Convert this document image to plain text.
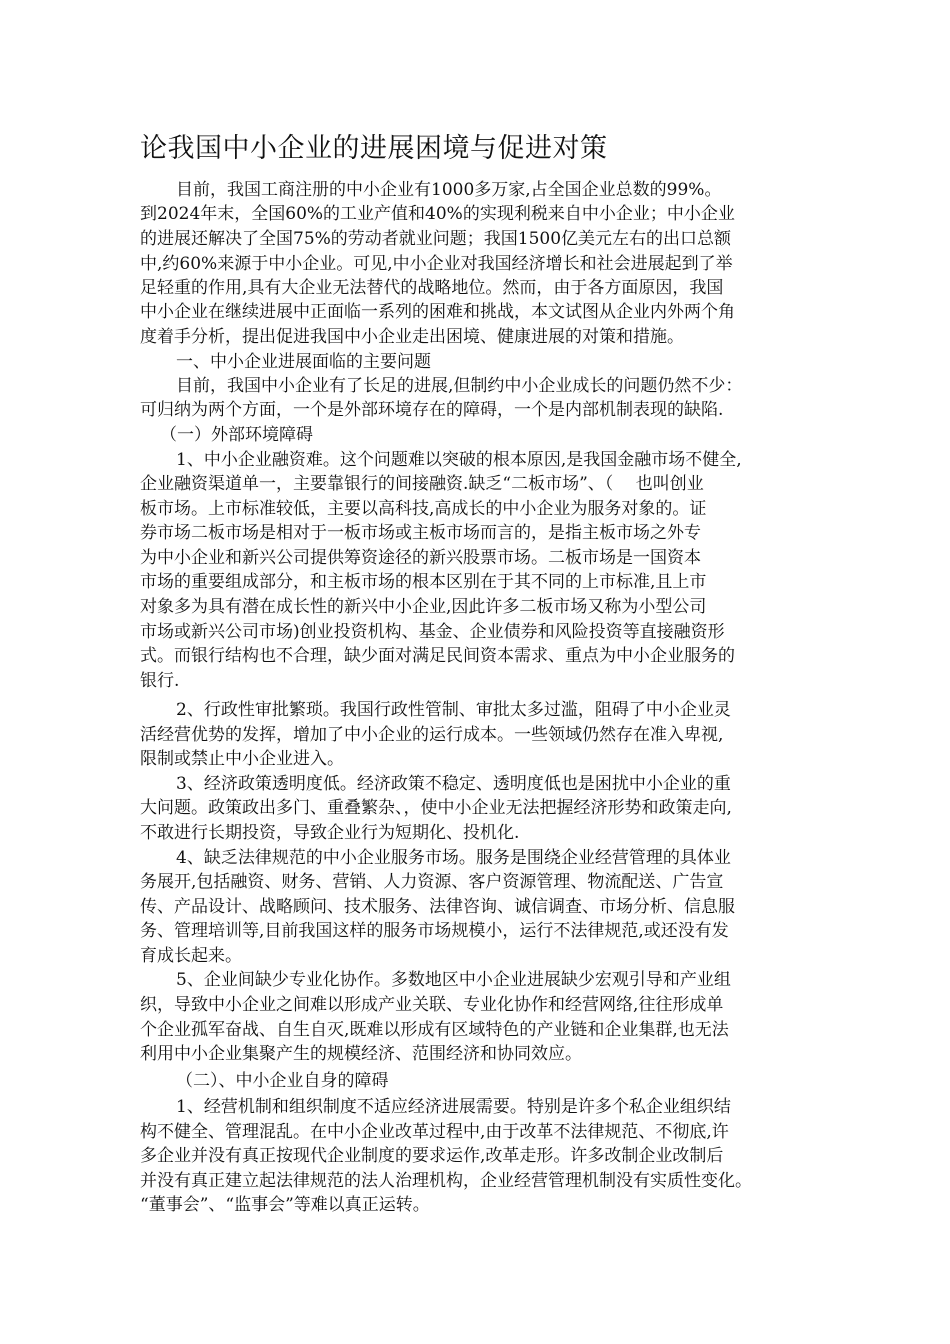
论我国中小企业的进展困境与促进对策

目前，我国工商注册的中小企业有1000多万家,占全国企业总数的99%。

到2024年末，全国60%的工业产值和40%的实现利税来自中小企业；中小企业

的进展还解决了全国75%的劳动者就业问题；我国1500亿美元左右的出口总额

中,约60%来源于中小企业。可见,中小企业对我国经济增长和社会进展起到了举

足轻重的作用,具有大企业无法替代的战略地位。然而，由于各方面原因，我国

中小企业在继续进展中正面临一系列的困难和挑战，本文试图从企业内外两个角

度着手分析，提出促进我国中小企业走出困境、健康进展的对策和措施。

一、中小企业进展面临的主要问题

目前，我国中小企业有了长足的进展,但制约中小企业成长的问题仍然不少：

可归纳为两个方面，一个是外部环境存在的障碍，一个是内部机制表现的缺陷.

（一）外部环境障碍

1、中小企业融资难。这个问题难以突破的根本原因,是我国金融市场不健全,

企业融资渠道单一，主要靠银行的间接融资.缺乏“二板市场”、（　 也叫创业

板市场。上市标准较低，主要以高科技,高成长的中小企业为服务对象的。证

券市场二板市场是相对于一板市场或主板市场而言的，是指主板市场之外专

为中小企业和新兴公司提供筹资途径的新兴股票市场。二板市场是一国资本

市场的重要组成部分，和主板市场的根本区别在于其不同的上市标准,且上市

对象多为具有潜在成长性的新兴中小企业,因此许多二板市场又称为小型公司

市场或新兴公司市场)创业投资机构、基金、企业债券和风险投资等直接融资形

式。而银行结构也不合理，缺少面对满足民间资本需求、重点为中小企业服务的

银行.

2、行政性审批繁琐。我国行政性管制、审批太多过滥，阻碍了中小企业灵

活经营优势的发挥，增加了中小企业的运行成本。一些领域仍然存在准入卑视,

限制或禁止中小企业进入。

3、经济政策透明度低。经济政策不稳定、透明度低也是困扰中小企业的重

大问题。政策政出多门、重叠繁杂、，使中小企业无法把握经济形势和政策走向,

不敢进行长期投资，导致企业行为短期化、投机化.

4、缺乏法律规范的中小企业服务市场。服务是围绕企业经营管理的具体业

务展开,包括融资、财务、营销、人力资源、客户资源管理、物流配送、广告宣

传、产品设计、战略顾问、技术服务、法律咨询、诚信调查、市场分析、信息服

务、管理培训等,目前我国这样的服务市场规模小，运行不法律规范,或还没有发

育成长起来。

5、企业间缺少专业化协作。多数地区中小企业进展缺少宏观引导和产业组

织，导致中小企业之间难以形成产业关联、专业化协作和经营网络,往往形成单

个企业孤军奋战、自生自灭,既难以形成有区域特色的产业链和企业集群,也无法

利用中小企业集聚产生的规模经济、范围经济和协同效应。

（二）、中小企业自身的障碍

1、经营机制和组织制度不适应经济进展需要。特别是许多个私企业组织结

构不健全、管理混乱。在中小企业改革过程中,由于改革不法律规范、不彻底,许

多企业并没有真正按现代企业制度的要求运作,改革走形。许多改制企业改制后

并没有真正建立起法律规范的法人治理机构，企业经营管理机制没有实质性变化。

“董事会”、“监事会”等难以真正运转。
